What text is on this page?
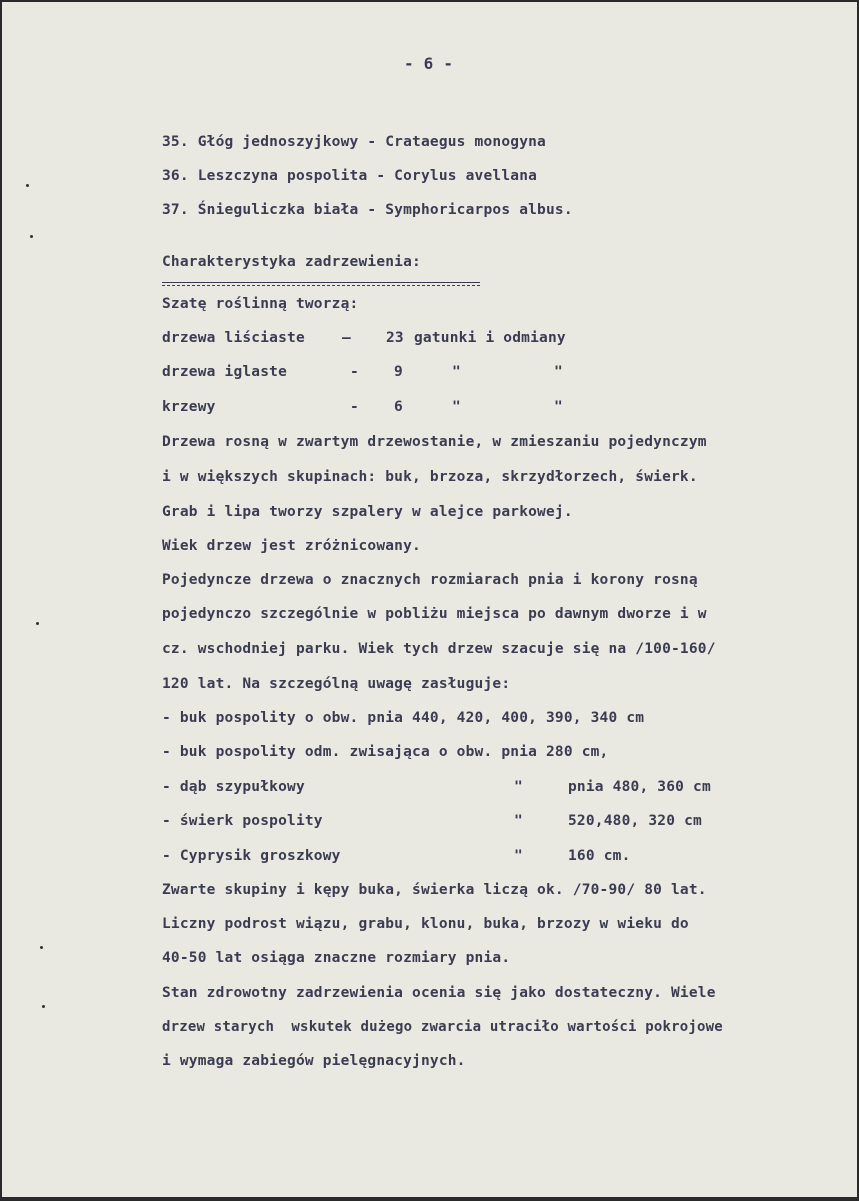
- 6 -
35. Głóg jednoszyjkowy - Crataegus monogyna
36. Leszczyna pospolita - Corylus avellana
37. Śnieguliczka biała - Symphoricarpos albus.
Charakterystyka zadrzewienia:
Szatę roślinną tworzą:
drzewa liściaste	— 23 gatunki i odmiany
drzewa iglaste	- 9	"	"
krzewy	- 6	"	"
Drzewa rosną w zwartym drzewostanie, w zmieszaniu pojedynczym
i w większych skupinach: buk, brzoza, skrzydłorzech, świerk.
Grab i lipa tworzy szpalery w alejce parkowej.
Wiek drzew jest zróżnicowany.
Pojedyncze drzewa o znacznych rozmiarach pnia i korony rosną
pojedynczo szczególnie w pobliżu miejsca po dawnym dworze i w
cz. wschodniej parku. Wiek tych drzew szacuje się na /100-160/
120 lat. Na szczególną uwagę zasługuje:
- buk pospolity o obw. pnia 440, 420, 400, 390, 340 cm
- buk pospolity odm. zwisająca o obw. pnia 280 cm,
- dąb szypułkowy	"	pnia 480, 360 cm
- świerk pospolity	"	520,480, 320 cm
- Cyprysik groszkowy	"	160 cm.
Zwarte skupiny i kępy buka, świerka liczą ok. /70-90/ 80 lat.
Liczny podrost wiązu, grabu, klonu, buka, brzozy w wieku do
40-50 lat osiąga znaczne rozmiary pnia.
Stan zdrowotny zadrzewienia ocenia się jako dostateczny. Wiele
drzew starych  wskutek dużego zwarcia utraciło wartości pokrojowe
i wymaga zabiegów pielęgnacyjnych.
